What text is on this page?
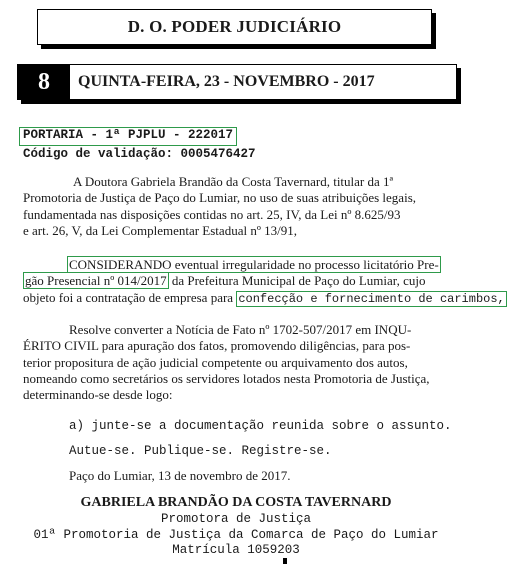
D. O. PODER JUDICIÁRIO
8	QUINTA-FEIRA, 23 - NOVEMBRO - 2017
PORTARIA - 1ª PJPLU - 222017
Código de validação: 0005476427
A Doutora Gabriela Brandão da Costa Tavernard, titular da 1ª
Promotoria de Justiça de Paço do Lumiar, no uso de suas atribuições legais,
fundamentada nas disposições contidas no art. 25, IV, da Lei nº 8.625/93
e art. 26, V, da Lei Complementar Estadual nº 13/91,
CONSIDERANDO eventual irregularidade no processo licitatório Pre-
gão Presencial nº 014/2017 da Prefeitura Municipal de Paço do Lumiar, cujo
objeto foi a contratação de empresa para confecção e fornecimento de carimbos,
Resolve converter a Notícia de Fato nº 1702-507/2017 em INQU-
ÉRITO CIVIL para apuração dos fatos, promovendo diligências, para pos-
terior propositura de ação judicial competente ou arquivamento dos autos,
nomeando como secretários os servidores lotados nesta Promotoria de Justiça,
determinando-se desde logo:
a) junte-se a documentação reunida sobre o assunto.
Autue-se. Publique-se. Registre-se.
Paço do Lumiar, 13 de novembro de 2017.
GABRIELA BRANDÃO DA COSTA TAVERNARD
Promotora de Justiça
01ª Promotoria de Justiça da Comarca de Paço do Lumiar
Matrícula 1059203
